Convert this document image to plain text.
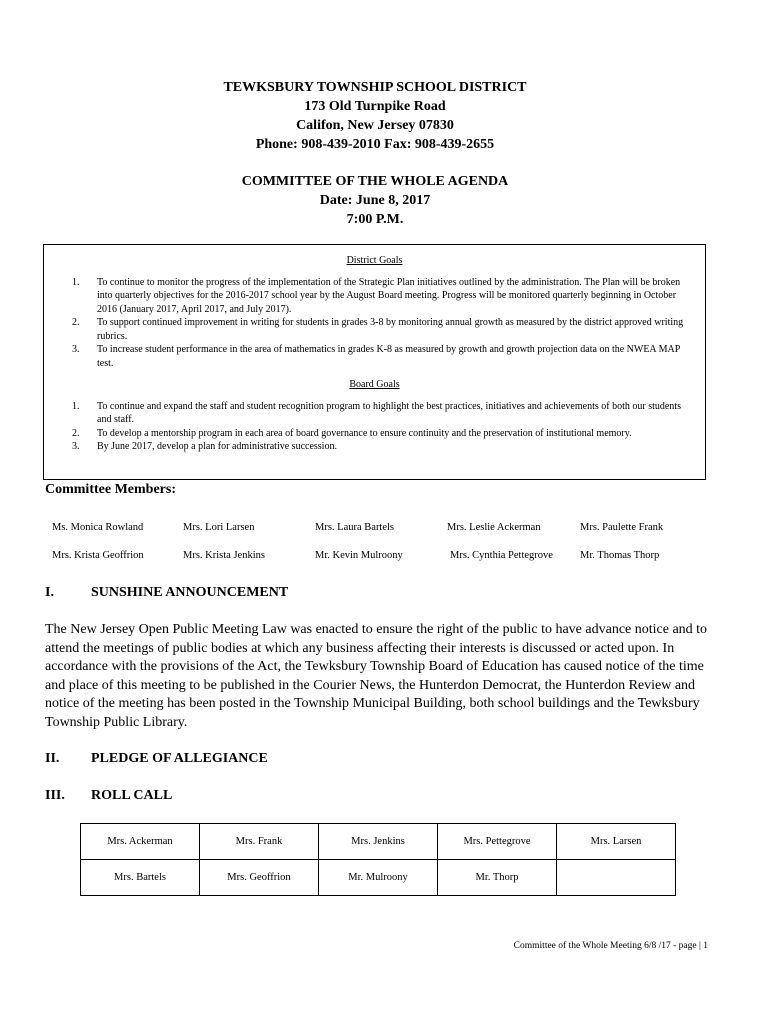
TEWKSBURY TOWNSHIP SCHOOL DISTRICT
173 Old Turnpike Road
Califon, New Jersey 07830
Phone: 908-439-2010 Fax: 908-439-2655
COMMITTEE OF THE WHOLE AGENDA
Date: June 8, 2017
7:00 P.M.
District Goals
1. To continue to monitor the progress of the implementation of the Strategic Plan initiatives outlined by the administration. The Plan will be broken into quarterly objectives for the 2016-2017 school year by the August Board meeting. Progress will be monitored quarterly beginning in October 2016 (January 2017, April 2017, and July 2017).
2. To support continued improvement in writing for students in grades 3-8 by monitoring annual growth as measured by the district approved writing rubrics.
3. To increase student performance in the area of mathematics in grades K-8 as measured by growth and growth projection data on the NWEA MAP test.
Board Goals
1. To continue and expand the staff and student recognition program to highlight the best practices, initiatives and achievements of both our students and staff.
2. To develop a mentorship program in each area of board governance to ensure continuity and the preservation of institutional memory.
3. By June 2017, develop a plan for administrative succession.
Committee Members:
Ms. Monica Rowland	Mrs. Lori Larsen	Mrs. Laura Bartels	Mrs. Leslie Ackerman	Mrs. Paulette Frank
Mrs. Krista Geoffrion	Mrs. Krista Jenkins	Mr. Kevin Mulroony	Mrs. Cynthia Pettegrove	Mr. Thomas Thorp
I.	SUNSHINE ANNOUNCEMENT
The New Jersey Open Public Meeting Law was enacted to ensure the right of the public to have advance notice and to attend the meetings of public bodies at which any business affecting their interests is discussed or acted upon. In accordance with the provisions of the Act, the Tewksbury Township Board of Education has caused notice of the time and place of this meeting to be published in the Courier News, the Hunterdon Democrat, the Hunterdon Review and notice of the meeting has been posted in the Township Municipal Building, both school buildings and the Tewksbury Township Public Library.
II. PLEDGE OF ALLEGIANCE
III. ROLL CALL
Mrs. Ackerman	Mrs. Frank	Mrs. Jenkins	Mrs. Pettegrove	Mrs. Larsen
Mrs. Bartels	Mrs. Geoffrion	Mr. Mulroony	Mr. Thorp	
Committee of the Whole Meeting 6/8 /17 - page | 1
